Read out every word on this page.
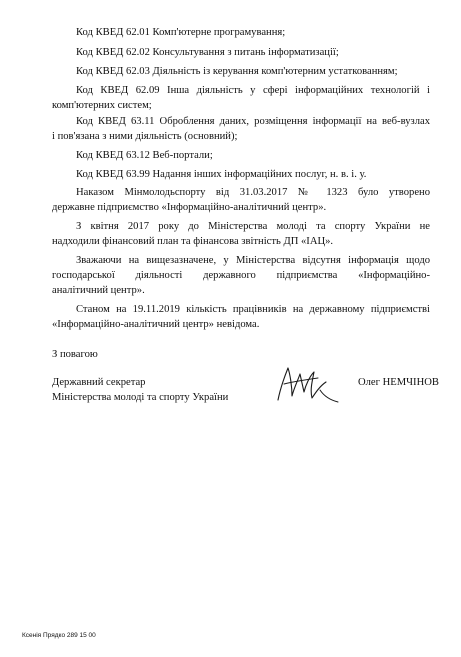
Код КВЕД 62.01 Комп'ютерне програмування;
Код КВЕД 62.02 Консультування з питань інформатизації;
Код КВЕД 62.03 Діяльність із керування комп'ютерним устаткованням;
Код КВЕД 62.09 Інша діяльність у сфері інформаційних технологій і
комп'ютерних систем;
Код КВЕД 63.11 Оброблення даних, розміщення інформації на веб-вузлах
і пов'язана з ними діяльність (основний);
Код КВЕД 63.12 Веб-портали;
Код КВЕД 63.99 Надання інших інформаційних послуг, н. в. і. у.
Наказом Мінмолодьспорту від 31.03.2017 № 1323 було утворено
державне підприємство «Інформаційно-аналітичний центр».
З квітня 2017 року до Міністерства молоді та спорту України не
надходили фінансовий план та фінансова звітність ДП «ІАЦ».
Зважаючи на вищезазначене, у Міністерства відсутня інформація щодо
господарської діяльності державного підприємства «Інформаційно-
аналітичний центр».
Станом на 19.11.2019 кількість працівників на державному підприємстві
«Інформаційно-аналітичний центр» невідома.
З повагою
Державний секретар
Міністерства молоді та спорту України
Олег НЕМЧІНОВ
Ксенія Прядко 289 15 00
